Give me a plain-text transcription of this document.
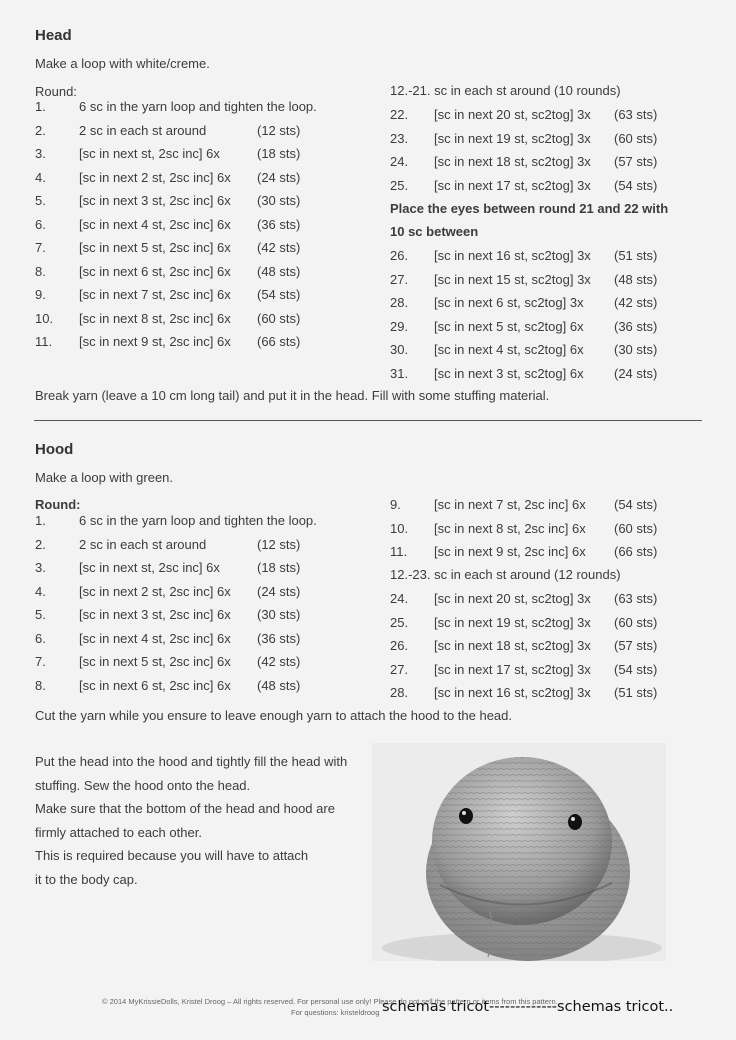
Head
Make a loop with white/creme.
Round:
1.	6 sc in the yarn loop and tighten the loop.
2.	2 sc in each st around	(12 sts)
3.	[sc in next st, 2sc inc] 6x	(18 sts)
4.	[sc in next 2 st, 2sc inc] 6x (24 sts)
5.	[sc in next 3 st, 2sc inc] 6x (30 sts)
6.	[sc in next 4 st, 2sc inc] 6x (36 sts)
7.	[sc in next 5 st, 2sc inc] 6x (42 sts)
8.	[sc in next 6 st, 2sc inc] 6x (48 sts)
9.	[sc in next 7 st, 2sc inc] 6x (54 sts)
10. [sc in next 8 st, 2sc inc] 6x (60 sts)
11. [sc in next 9 st, 2sc inc] 6x (66 sts)
12.-21. sc in each st around (10 rounds)
22. [sc in next 20 st, sc2tog] 3x (63 sts)
23. [sc in next 19 st, sc2tog] 3x (60 sts)
24. [sc in next 18 st, sc2tog] 3x (57 sts)
25. [sc in next 17 st, sc2tog] 3x (54 sts)
Place the eyes between round 21 and 22 with
10 sc between
26. [sc in next 16 st, sc2tog] 3x (51 sts)
27. [sc in next 15 st, sc2tog] 3x (48 sts)
28. [sc in next 6 st, sc2tog] 3x (42 sts)
29. [sc in next 5 st, sc2tog] 6x (36 sts)
30. [sc in next 4 st, sc2tog] 6x (30 sts)
31. [sc in next 3 st, sc2tog] 6x (24 sts)
Break yarn (leave a 10 cm long tail) and put it in the head. Fill with some stuffing material.
Hood
Make a loop with green.
Round:
1.	6 sc in the yarn loop and tighten the loop.
2.	2 sc in each st around	(12 sts)
3.	[sc in next st, 2sc inc] 6x	(18 sts)
4.	[sc in next 2 st, 2sc inc] 6x (24 sts)
5.	[sc in next 3 st, 2sc inc] 6x (30 sts)
6.	[sc in next 4 st, 2sc inc] 6x (36 sts)
7.	[sc in next 5 st, 2sc inc] 6x (42 sts)
8.	[sc in next 6 st, 2sc inc] 6x (48 sts)
9.	[sc in next 7 st, 2sc inc] 6x (54 sts)
10. [sc in next 8 st, 2sc inc] 6x (60 sts)
11. [sc in next 9 st, 2sc inc] 6x (66 sts)
12.-23. sc in each st around (12 rounds)
24. [sc in next 20 st, sc2tog] 3x (63 sts)
25. [sc in next 19 st, sc2tog] 3x (60 sts)
26. [sc in next 18 st, sc2tog] 3x (57 sts)
27. [sc in next 17 st, sc2tog] 3x (54 sts)
28. [sc in next 16 st, sc2tog] 3x (51 sts)
Cut the yarn while you ensure to leave enough yarn to attach the hood to the head.
Put the head into the hood and tightly fill the head with
stuffing. Sew the hood onto the head.
Make sure that the bottom of the head and hood are
firmly attached to each other.
This is required because you will have to attach
it to the body cap.
© 2014 MyKrissieDolls, Kristel Droog – All rights reserved. For personal use only! Please do not sell the pattern or items from this pattern.
For questions: kristeldroog schemas tricot-------------schemas tricot..
